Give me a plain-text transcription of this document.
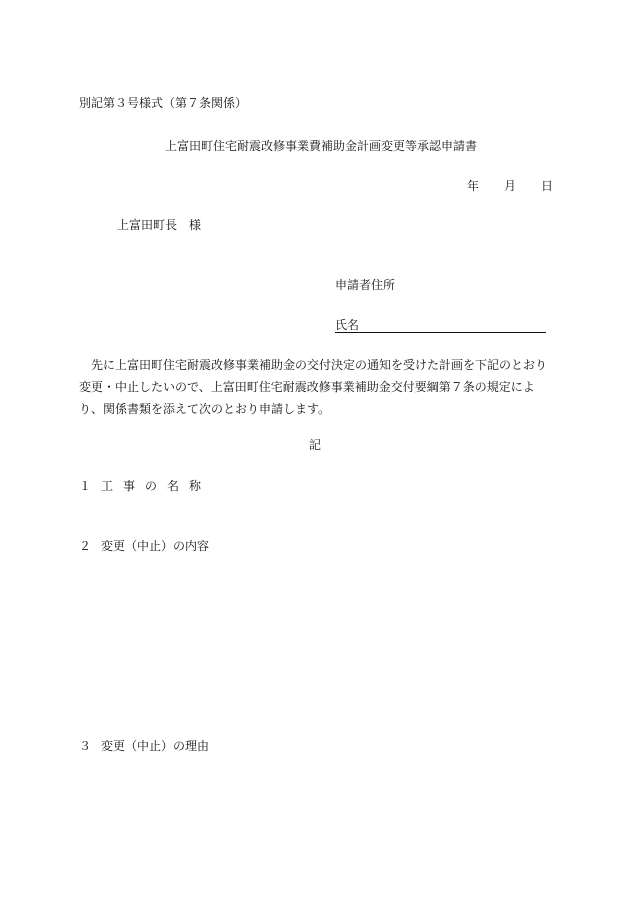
別記第３号様式（第７条関係）
上富田町住宅耐震改修事業費補助金計画変更等承認申請書
年 月 日
上富田町長　様
申請者住所
氏名
先に上富田町住宅耐震改修事業補助金の交付決定の通知を受けた計画を下記のとおり変更・中止したいので、上富田町住宅耐震改修事業補助金交付要綱第７条の規定により、関係書類を添えて次のとおり申請します。
記
１ 工事の名称
２ 変更（中止）の内容
３ 変更（中止）の理由
